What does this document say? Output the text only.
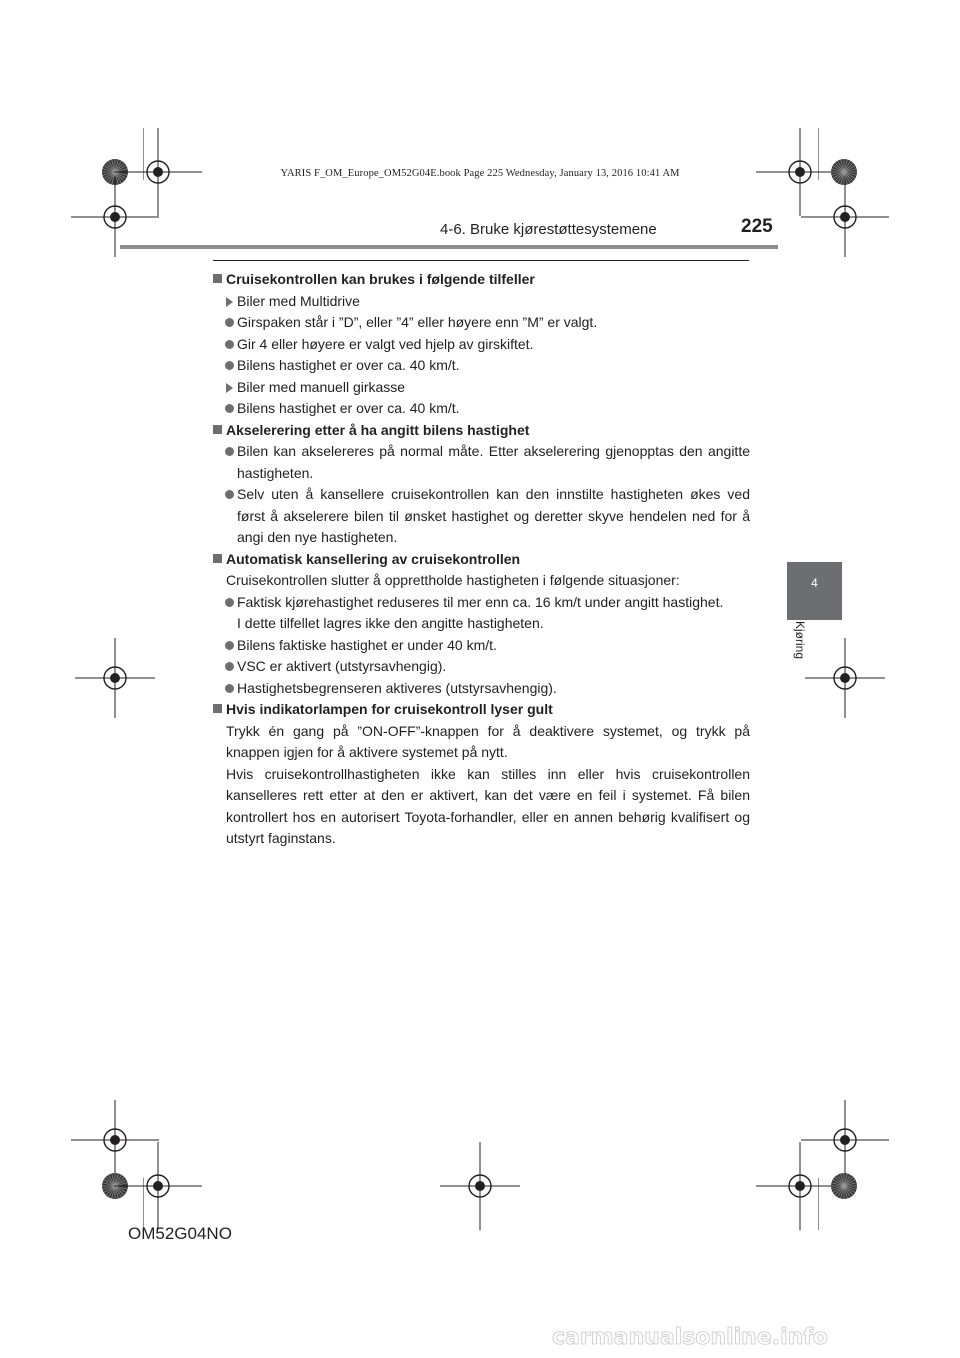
YARIS F_OM_Europe_OM52G04E.book Page 225 Wednesday, January 13, 2016 10:41 AM
4-6. Bruke kjørestøttesystemene	225
4
Kjøring

Cruisekontrollen kan brukes i følgende tilfeller

Biler med Multidrive

Girspaken står i ”D”, eller ”4” eller høyere enn ”M” er valgt.

Gir 4 eller høyere er valgt ved hjelp av girskiftet.

Bilens hastighet er over ca. 40 km/t.

Biler med manuell girkasse

Bilens hastighet er over ca. 40 km/t.

Akselerering etter å ha angitt bilens hastighet

Bilen kan akselereres på normal måte. Etter akselerering gjenopptas den angitte hastigheten.

Selv uten å kansellere cruisekontrollen kan den innstilte hastigheten økes ved først å akselerere bilen til ønsket hastighet og deretter skyve hendelen ned for å angi den nye hastigheten.

Automatisk kansellering av cruisekontrollen

Cruisekontrollen slutter å opprettholde hastigheten i følgende situasjoner:

Faktisk kjørehastighet reduseres til mer enn ca. 16 km/t under angitt hastighet.
I dette tilfellet lagres ikke den angitte hastigheten.

Bilens faktiske hastighet er under 40 km/t.

VSC er aktivert (utstyrsavhengig).

Hastighetsbegrenseren aktiveres (utstyrsavhengig).

Hvis indikatorlampen for cruisekontroll lyser gult

Trykk én gang på ”ON-OFF”-knappen for å deaktivere systemet, og trykk på knappen igjen for å aktivere systemet på nytt.

Hvis cruisekontrollhastigheten ikke kan stilles inn eller hvis cruisekontrollen kanselleres rett etter at den er aktivert, kan det være en feil i systemet. Få bilen kontrollert hos en autorisert Toyota-forhandler, eller en annen behørig kvalifisert og utstyrt faginstans.

OM52G04NO
carmanualsonline.info
